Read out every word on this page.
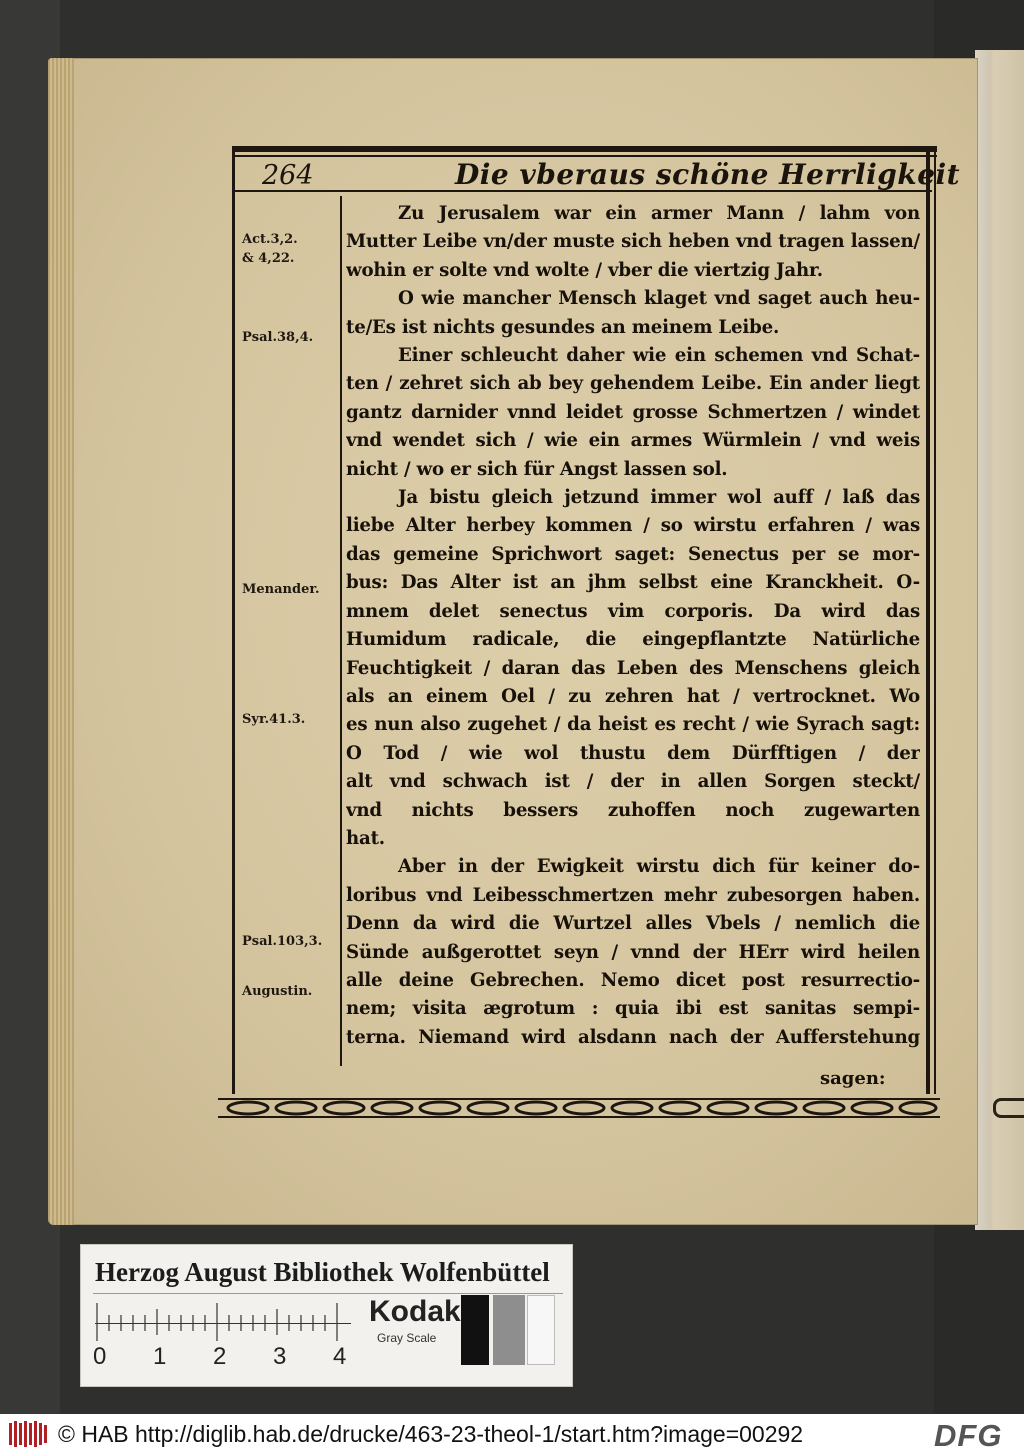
264	Die vberaus schöne Herrligkeit
Act.3,2.
& 4,22.
Psal.38,4.
Menander.
Syr.41.3.
Psal.103,3.
Augustin.

Zu Jerusalem war ein armer Mann / lahm von

Mutter Leibe vn/der muste sich heben vnd tragen lassen/

wohin er solte vnd wolte / vber die viertzig Jahr.

O wie mancher Mensch klaget vnd saget auch heu-

te/Es ist nichts gesundes an meinem Leibe.

Einer schleucht daher wie ein schemen vnd Schat-

ten / zehret sich ab bey gehendem Leibe. Ein ander liegt

gantz darnider vnnd leidet grosse Schmertzen / windet

vnd wendet sich / wie ein armes Würmlein / vnd weis

nicht / wo er sich für Angst lassen sol.

Ja bistu gleich jetzund immer wol auff / laß das

liebe Alter herbey kommen / so wirstu erfahren / was

das gemeine Sprichwort saget: Senectus per se mor-

bus: Das Alter ist an jhm selbst eine Kranckheit. O-

mnem delet senectus vim corporis. Da wird das

Humidum radicale, die eingepflantzte Natürliche

Feuchtigkeit / daran das Leben des Menschens gleich

als an einem Oel / zu zehren hat / vertrocknet. Wo

es nun also zugehet / da heist es recht / wie Syrach sagt:

O Tod / wie wol thustu dem Dürfftigen / der

alt vnd schwach ist / der in allen Sorgen steckt/

vnd nichts bessers zuhoffen noch zugewarten

hat.

Aber in der Ewigkeit wirstu dich für keiner do-

loribus vnd Leibesschmertzen mehr zubesorgen haben.

Denn da wird die Wurtzel alles Vbels / nemlich die

Sünde außgerottet seyn / vnnd der HErr wird heilen

alle deine Gebrechen. Nemo dicet post resurrectio-

nem; visita ægrotum : quia ibi est sanitas sempi-

terna. Niemand wird alsdann nach der Aufferstehung

sagen:
Herzog August Bibliothek Wolfenbüttel
0 1 2 3 4
Kodak
Gray Scale
© HAB http://diglib.hab.de/drucke/463-23-theol-1/start.htm?image=00292	DFG
